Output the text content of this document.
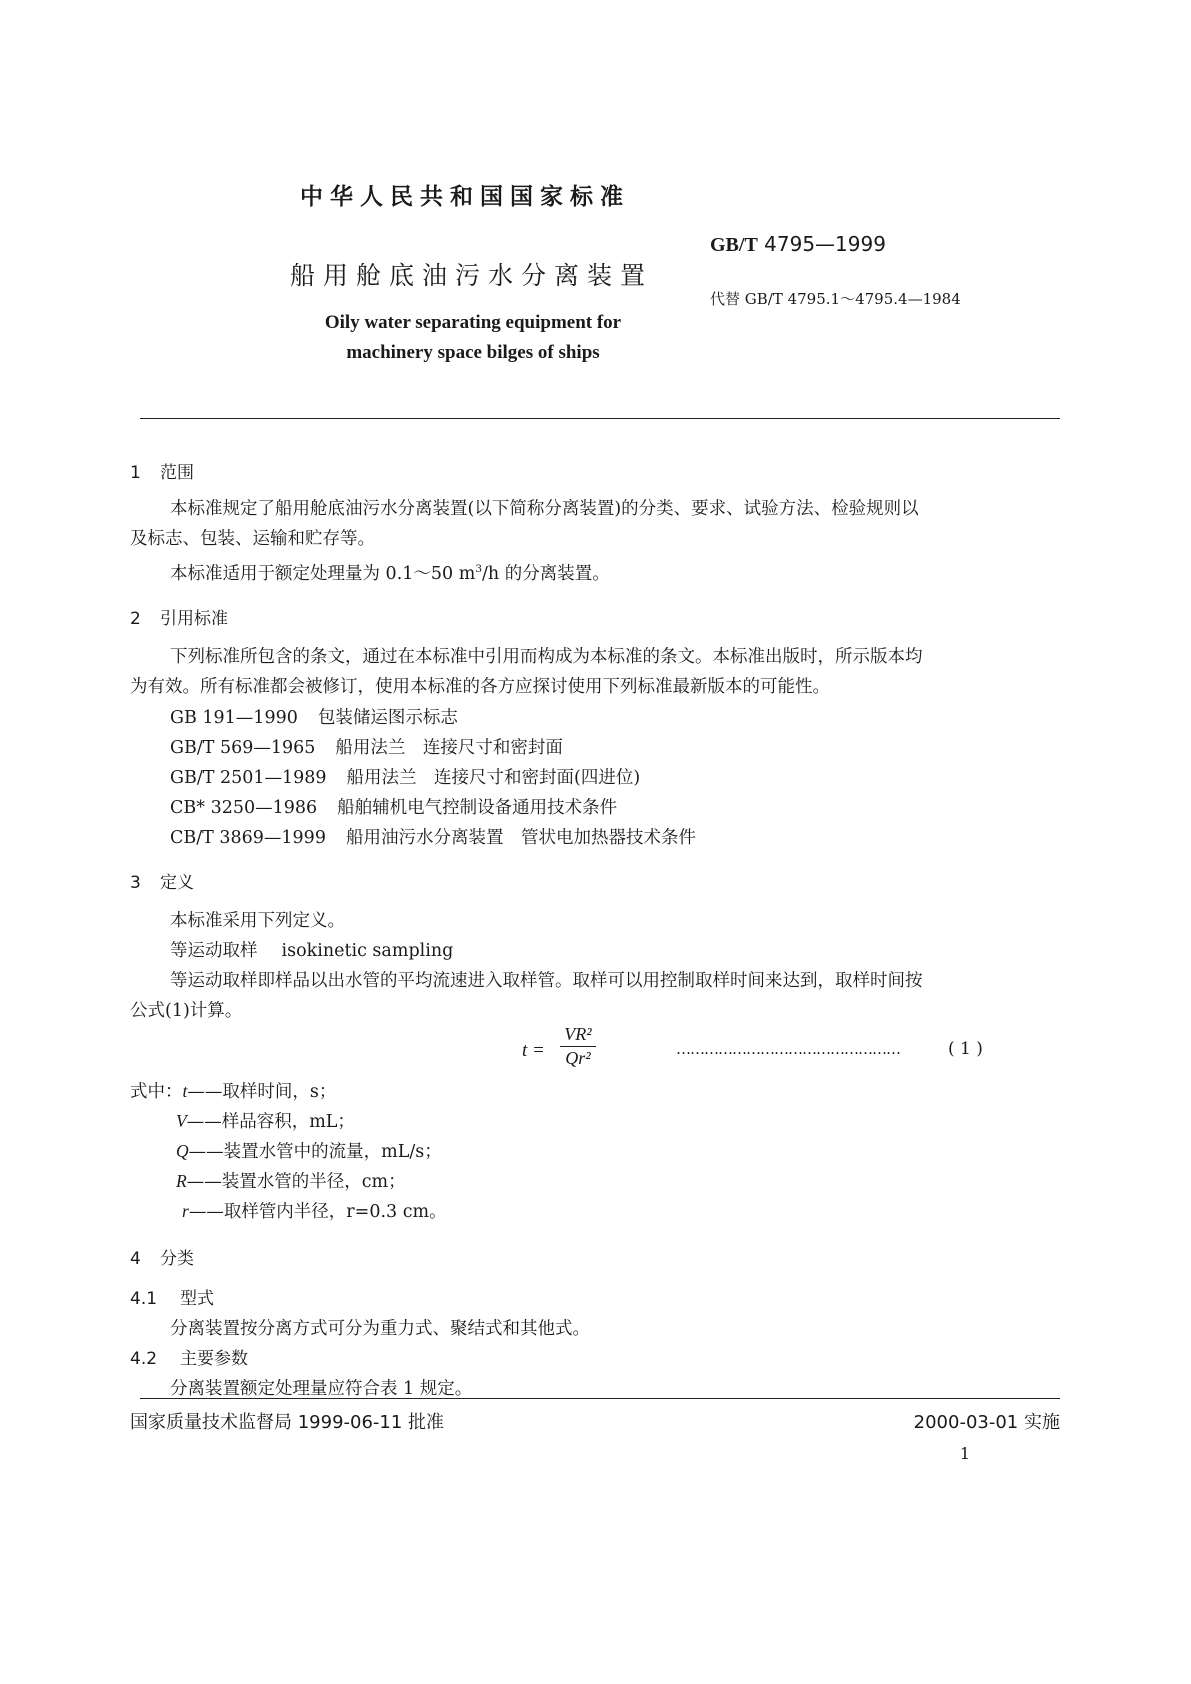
中华人民共和国国家标准
GB/T 4795—1999
船用舱底油污水分离装置
代替 GB/T 4795.1～4795.4—1984
Oily water separating equipment for
machinery space bilges of ships
1 范围
本标准规定了船用舱底油污水分离装置(以下简称分离装置)的分类、要求、试验方法、检验规则以
及标志、包装、运输和贮存等。
本标准适用于额定处理量为 0.1～50 $m^3/h$ 的分离装置。
2 引用标准
下列标准所包含的条文，通过在本标准中引用而构成为本标准的条文。本标准出版时，所示版本均
为有效。所有标准都会被修订，使用本标准的各方应探讨使用下列标准最新版本的可能性。
GB 191—1990 包装储运图示标志
GB/T 569—1965 船用法兰　连接尺寸和密封面
GB/T 2501—1989 船用法兰　连接尺寸和密封面(四进位)
CB* 3250—1986 船舶辅机电气控制设备通用技术条件
CB/T 3869—1999 船用油污水分离装置　管状电加热器技术条件
3 定义
本标准采用下列定义。
等运动取样 isokinetic sampling
等运动取样即样品以出水管的平均流速进入取样管。取样可以用控制取样时间来达到，取样时间按
公式(1)计算。
t =
VR²
Qr²	…………………………………………	( 1 )
式中：t——取样时间，s；
V——样品容积，mL；
Q——装置水管中的流量，mL/s；
R——装置水管的半径，cm；
r——取样管内半径，r=0.3 cm。
4 分类
4.1 型式
分离装置按分离方式可分为重力式、聚结式和其他式。
4.2 主要参数
分离装置额定处理量应符合表 1 规定。
国家质量技术监督局 1999-06-11 批准	2000-03-01 实施
1
